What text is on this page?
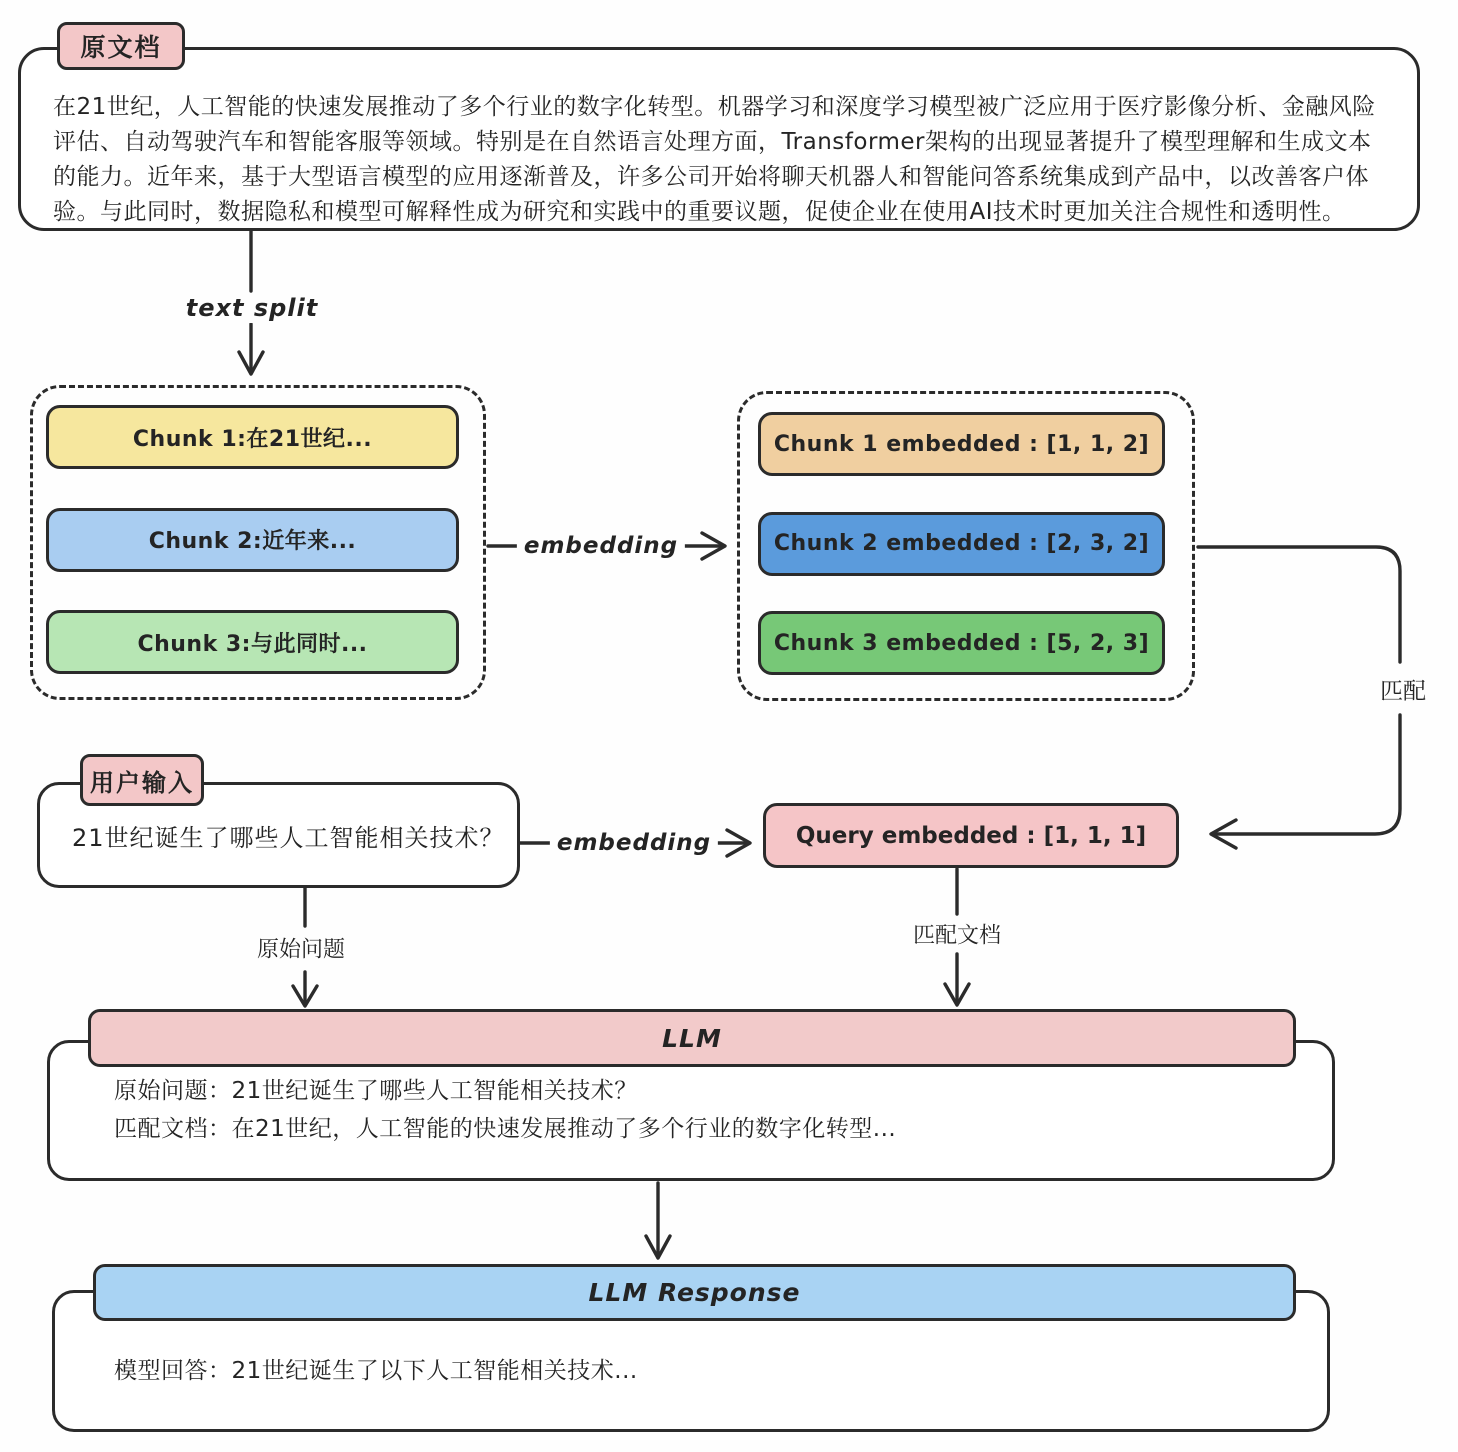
原文档

在21世纪，人工智能的快速发展推动了多个行业的数字化转型。机器学习和深度学习模型被广泛应用于医疗影像分析、金融风险评估、自动驾驶汽车和智能客服等领域。特别是在自然语言处理方面，Transformer架构的出现显著提升了模型理解和生成文本的能力。近年来，基于大型语言模型的应用逐渐普及，许多公司开始将聊天机器人和智能问答系统集成到产品中，以改善客户体验。与此同时，数据隐私和模型可解释性成为研究和实践中的重要议题，促使企业在使用AI技术时更加关注合规性和透明性。

text split
Chunk 1:在21世纪...
Chunk 2:近年来...
Chunk 3:与此同时...
embedding
Chunk 1 embedded : [1, 1, 2]
Chunk 2 embedded : [2, 3, 2]
Chunk 3 embedded : [5, 2, 3]
匹配
用户输入
21世纪诞生了哪些人工智能相关技术？	embedding	Query embedded : [1, 1, 1]
原始问题
匹配文档
LLM
原始问题：21世纪诞生了哪些人工智能相关技术？
匹配文档：在21世纪，人工智能的快速发展推动了多个行业的数字化转型...
LLM Response
模型回答：21世纪诞生了以下人工智能相关技术...
